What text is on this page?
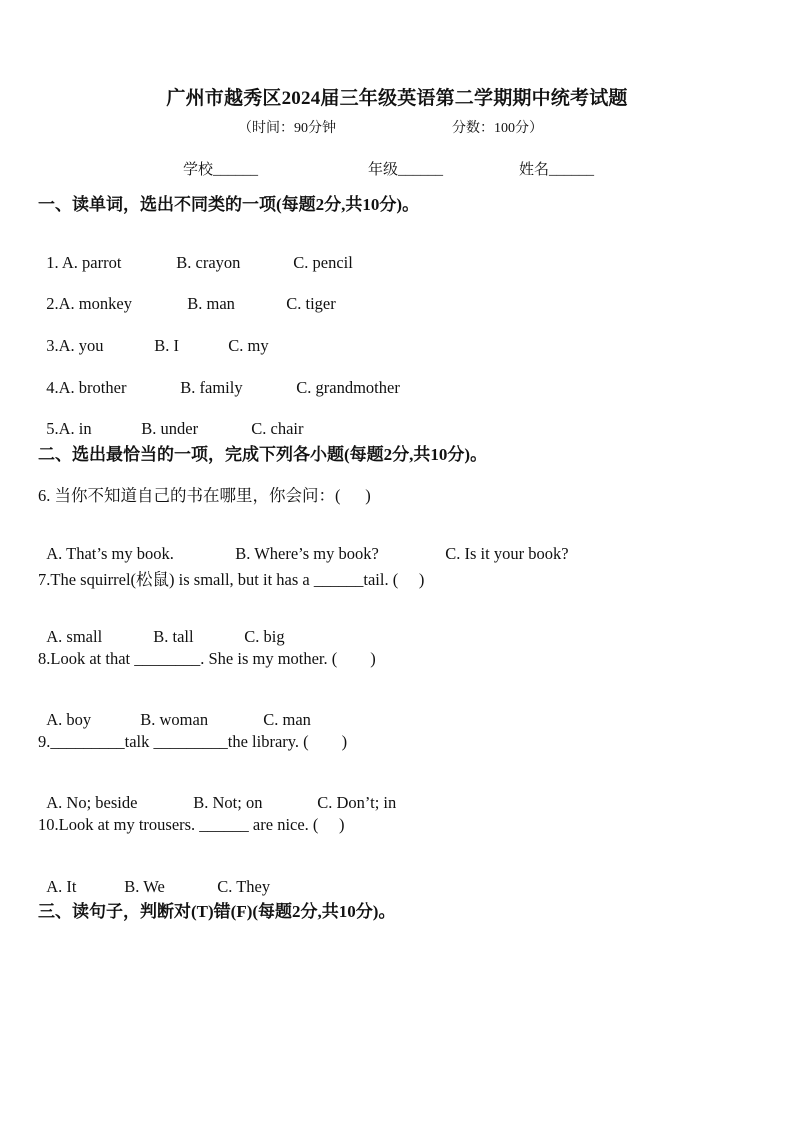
广州市越秀区2024届三年级英语第二学期期中统考试题
（时间：90分钟	分数：100分）
学校______	年级______	姓名______
一、读单词，选出不同类的一项(每题2分,共10分)。

1. A. parrot	B. crayon	C. pencil

2.A. monkey	B. man	C. tiger

3.A. you	B. I	C. my

4.A. brother	B. family	C. grandmother

5.A. in	B. under	C. chair

二、选出最恰当的一项，完成下列各小题(每题2分,共10分)。
6. 当你不知道自己的书在哪里，你会问：(      )

A. That’s my book.	B. Where’s my book?	C. Is it your book?

7.The squirrel(松鼠) is small, but it has a ______tail. (     )

A. small	B. tall	C. big

8.Look at that ________. She is my mother. (        )

A. boy	B. woman	C. man

9._________talk _________the library. (        )

A. No; beside	B. Not; on	C. Don’t; in

10.Look at my trousers. ______ are nice. (     )

A. It	B. We	C. They

三、读句子，判断对(T)错(F)(每题2分,共10分)。
